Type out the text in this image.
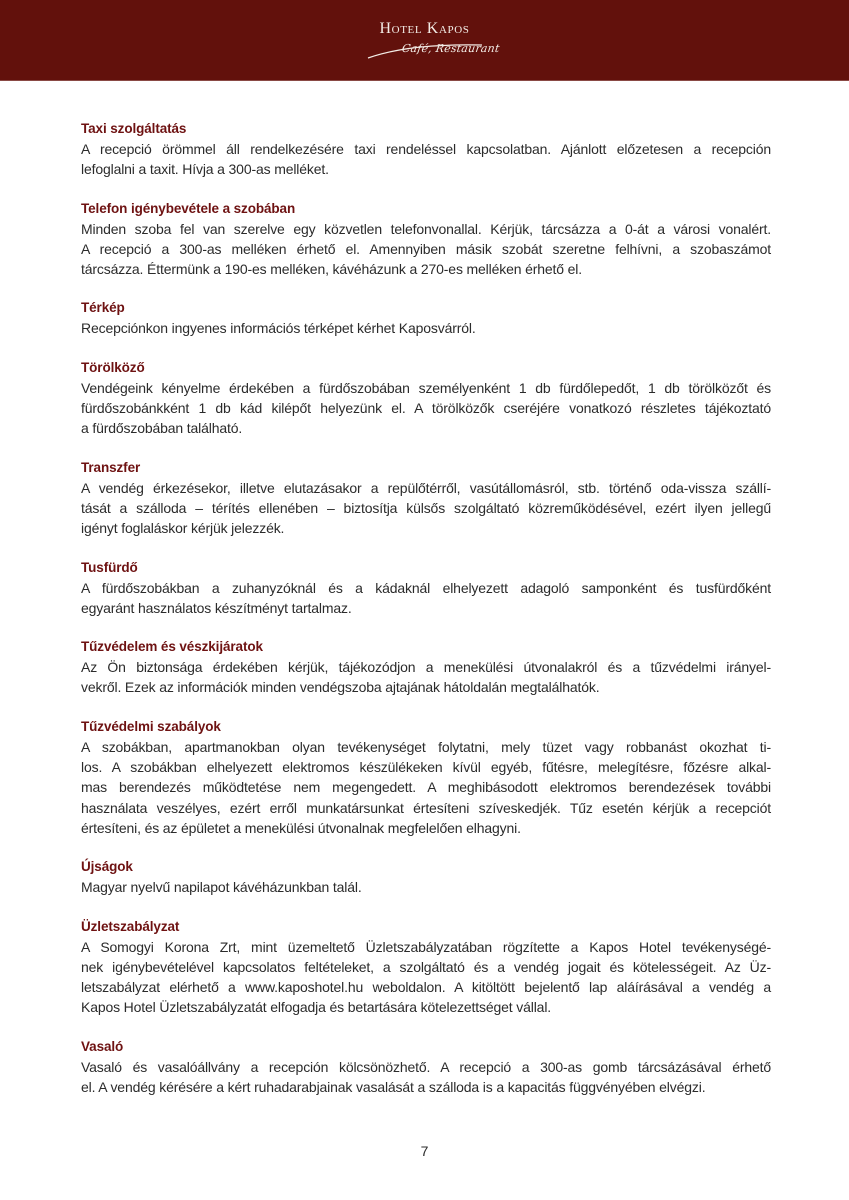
Hotel Kapos
Café, Restaurant
Taxi szolgáltatás
A recepció örömmel áll rendelkezésére taxi rendeléssel kapcsolatban. Ajánlott előzetesen a recepción
lefoglalni a taxit. Hívja a 300-as melléket.
Telefon igénybevétele a szobában
Minden szoba fel van szerelve egy közvetlen telefonvonallal. Kérjük, tárcsázza a 0-át a városi vonalért.
A recepció a 300-as melléken érhető el. Amennyiben másik szobát szeretne felhívni, a szobaszámot
tárcsázza. Éttermünk a 190-es melléken, kávéházunk a 270-es melléken érhető el.
Térkép
Recepciónkon ingyenes információs térképet kérhet Kaposvárról.
Törölköző
Vendégeink kényelme érdekében a fürdőszobában személyenként 1 db fürdőlepedőt, 1 db törölközőt és
fürdőszobánkként 1 db kád kilépőt helyezünk el. A törölközők cseréjére vonatkozó részletes tájékoztató
a fürdőszobában található.
Transzfer
A vendég érkezésekor, illetve elutazásakor a repülőtérről, vasútállomásról, stb. történő oda-vissza szállí-
tását a szálloda – térítés ellenében – biztosítja külsős szolgáltató közreműködésével, ezért ilyen jellegű
igényt foglaláskor kérjük jelezzék.
Tusfürdő
A fürdőszobákban a zuhanyzóknál és a kádaknál elhelyezett adagoló samponként és tusfürdőként
egyaránt használatos készítményt tartalmaz.
Tűzvédelem és vészkijáratok
Az Ön biztonsága érdekében kérjük, tájékozódjon a menekülési útvonalakról és a tűzvédelmi irányel-
vekről. Ezek az információk minden vendégszoba ajtajának hátoldalán megtalálhatók.
Tűzvédelmi szabályok
A szobákban, apartmanokban olyan tevékenységet folytatni, mely tüzet vagy robbanást okozhat ti-
los. A szobákban elhelyezett elektromos készülékeken kívül egyéb, fűtésre, melegítésre, főzésre alkal-
mas berendezés működtetése nem megengedett. A meghibásodott elektromos berendezések további
használata veszélyes, ezért erről munkatársunkat értesíteni szíveskedjék. Tűz esetén kérjük a recepciót
értesíteni, és az épületet a menekülési útvonalnak megfelelően elhagyni.
Újságok
Magyar nyelvű napilapot kávéházunkban talál.
Üzletszabályzat
A Somogyi Korona Zrt, mint üzemeltető Üzletszabályzatában rögzítette a Kapos Hotel tevékenységé-
nek igénybevételével kapcsolatos feltételeket, a szolgáltató és a vendég jogait és kötelességeit. Az Üz-
letszabályzat elérhető a www.kaposhotel.hu weboldalon. A kitöltött bejelentő lap aláírásával a vendég a
Kapos Hotel Üzletszabályzatát elfogadja és betartására kötelezettséget vállal.
Vasaló
Vasaló és vasalóállvány a recepción kölcsönözhető. A recepció a 300-as gomb tárcsázásával érhető
el. A vendég kérésére a kért ruhadarabjainak vasalását a szálloda is a kapacitás függvényében elvégzi.
7
